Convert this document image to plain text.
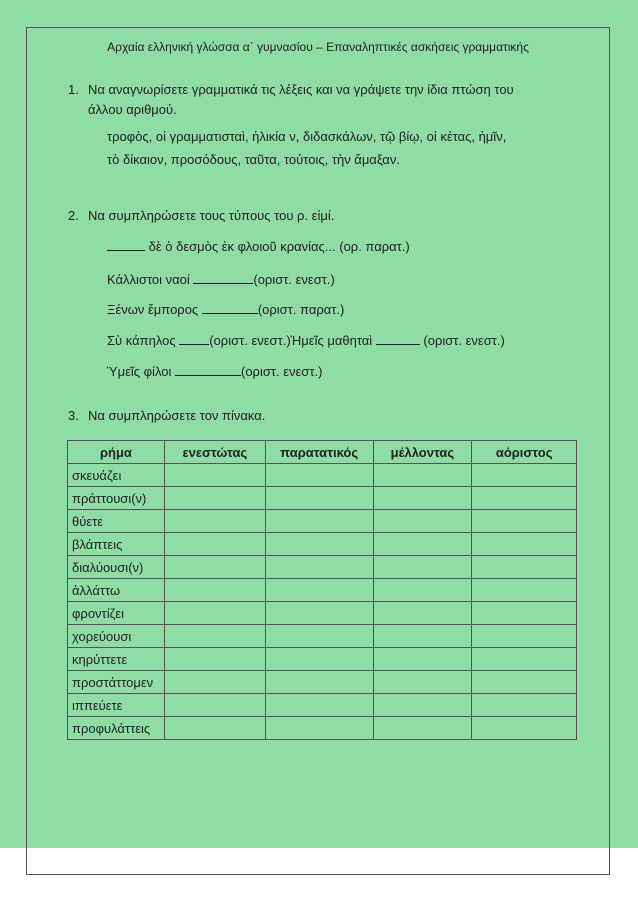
Αρχαία ελληνική γλώσσα α΄ γυμνασίου – Επαναληπτικές ασκήσεις γραμματικής
1. Να αναγνωρίσετε γραμματικά τις λέξεις και να γράψετε την ίδια πτώση του
άλλου αριθμού.
τροφὸς, οἱ γραμματισταὶ, ἡλικία ν, διδασκάλων, τῷ βίῳ, οἱ κέτας, ἡμῖν,
τὸ δίκαιον, προσόδους, ταῦτα, τούτοις, τὴν ἄμαξαν.
2. Να συμπληρώσετε τους τύπους του ρ. εἰμί.
δὲ ὁ δεσμὸς ἐκ φλοιοῦ κρανίας... (ορ. παρατ.)
Κάλλιστοι ναοί	(οριστ. ενεστ.)
Ξένων ἔμπορος	(οριστ. παρατ.)
Σὺ κάπηλος (οριστ. ενεστ.)Ἡμεῖς μαθηταὶ	(οριστ. ενεστ.)
Ὑμεῖς φίλοι	(οριστ. ενεστ.)
3. Να συμπληρώσετε τον πίνακα.
ρήμα	ενεστώτας	παρατατικός	μέλλοντας	αόριστος
σκευάζει				
πράττουσι(ν)				
θύετε				
βλάπτεις				
διαλύουσι(ν)				
ἀλλάττω				
φροντίζει				
χορεύουσι				
κηρύττετε				
προστάττομεν				
ιππεύετε				
προφυλάττεις				
